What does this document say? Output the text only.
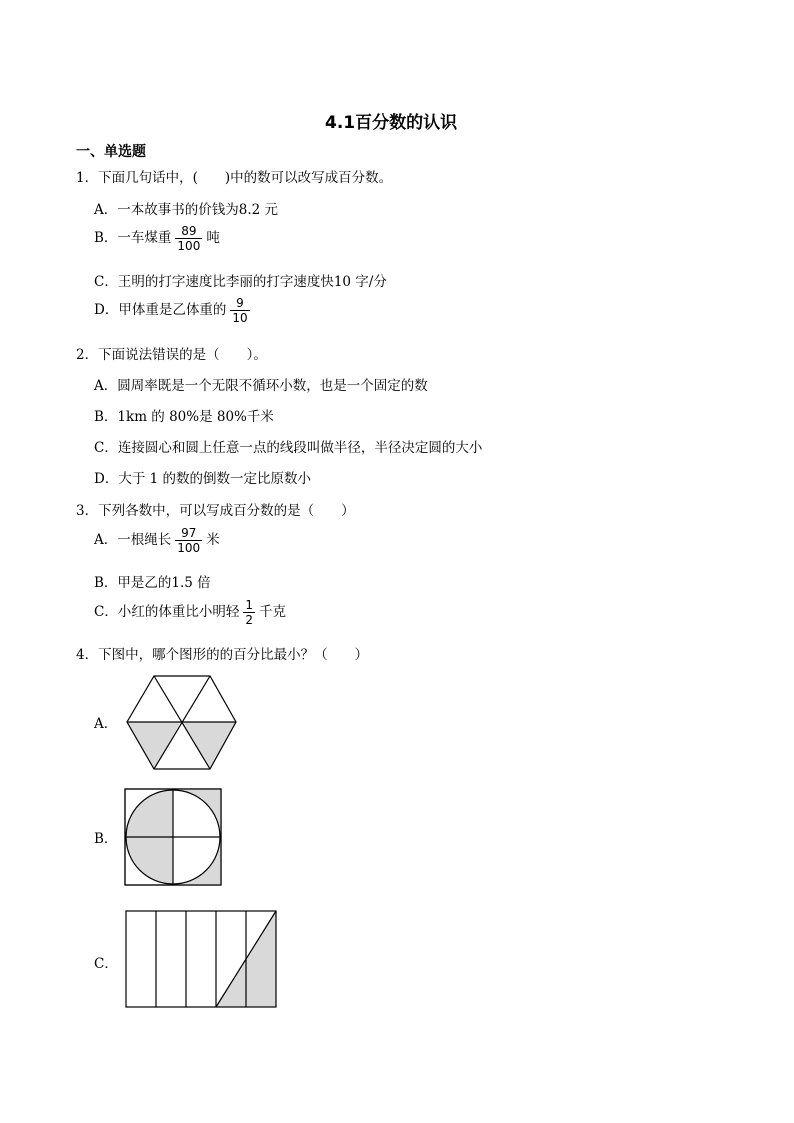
4.1百分数的认识
一、单选题
1．下面几句话中，(　　)中的数可以改写成百分数。
A．一本故事书的价钱为8.2 元
B．一车煤重 $\frac{89}{100}$ 吨
C．王明的打字速度比李丽的打字速度快10 字/分
D．甲体重是乙体重的 $\frac{9}{10}$
2．下面说法错误的是（　　）。
A．圆周率既是一个无限不循环小数，也是一个固定的数
B．1km 的 80%是 80%千米
C．连接圆心和圆上任意一点的线段叫做半径，半径决定圆的大小
D．大于 1 的数的倒数一定比原数小
3．下列各数中，可以写成百分数的是（　　）
A．一根绳长 $\frac{97}{100}$ 米
B．甲是乙的1.5 倍
C．小红的体重比小明轻 $\frac{1}{2}$ 千克
4．下图中，哪个图形的的百分比最小？（　　）
A．
B．
C．
